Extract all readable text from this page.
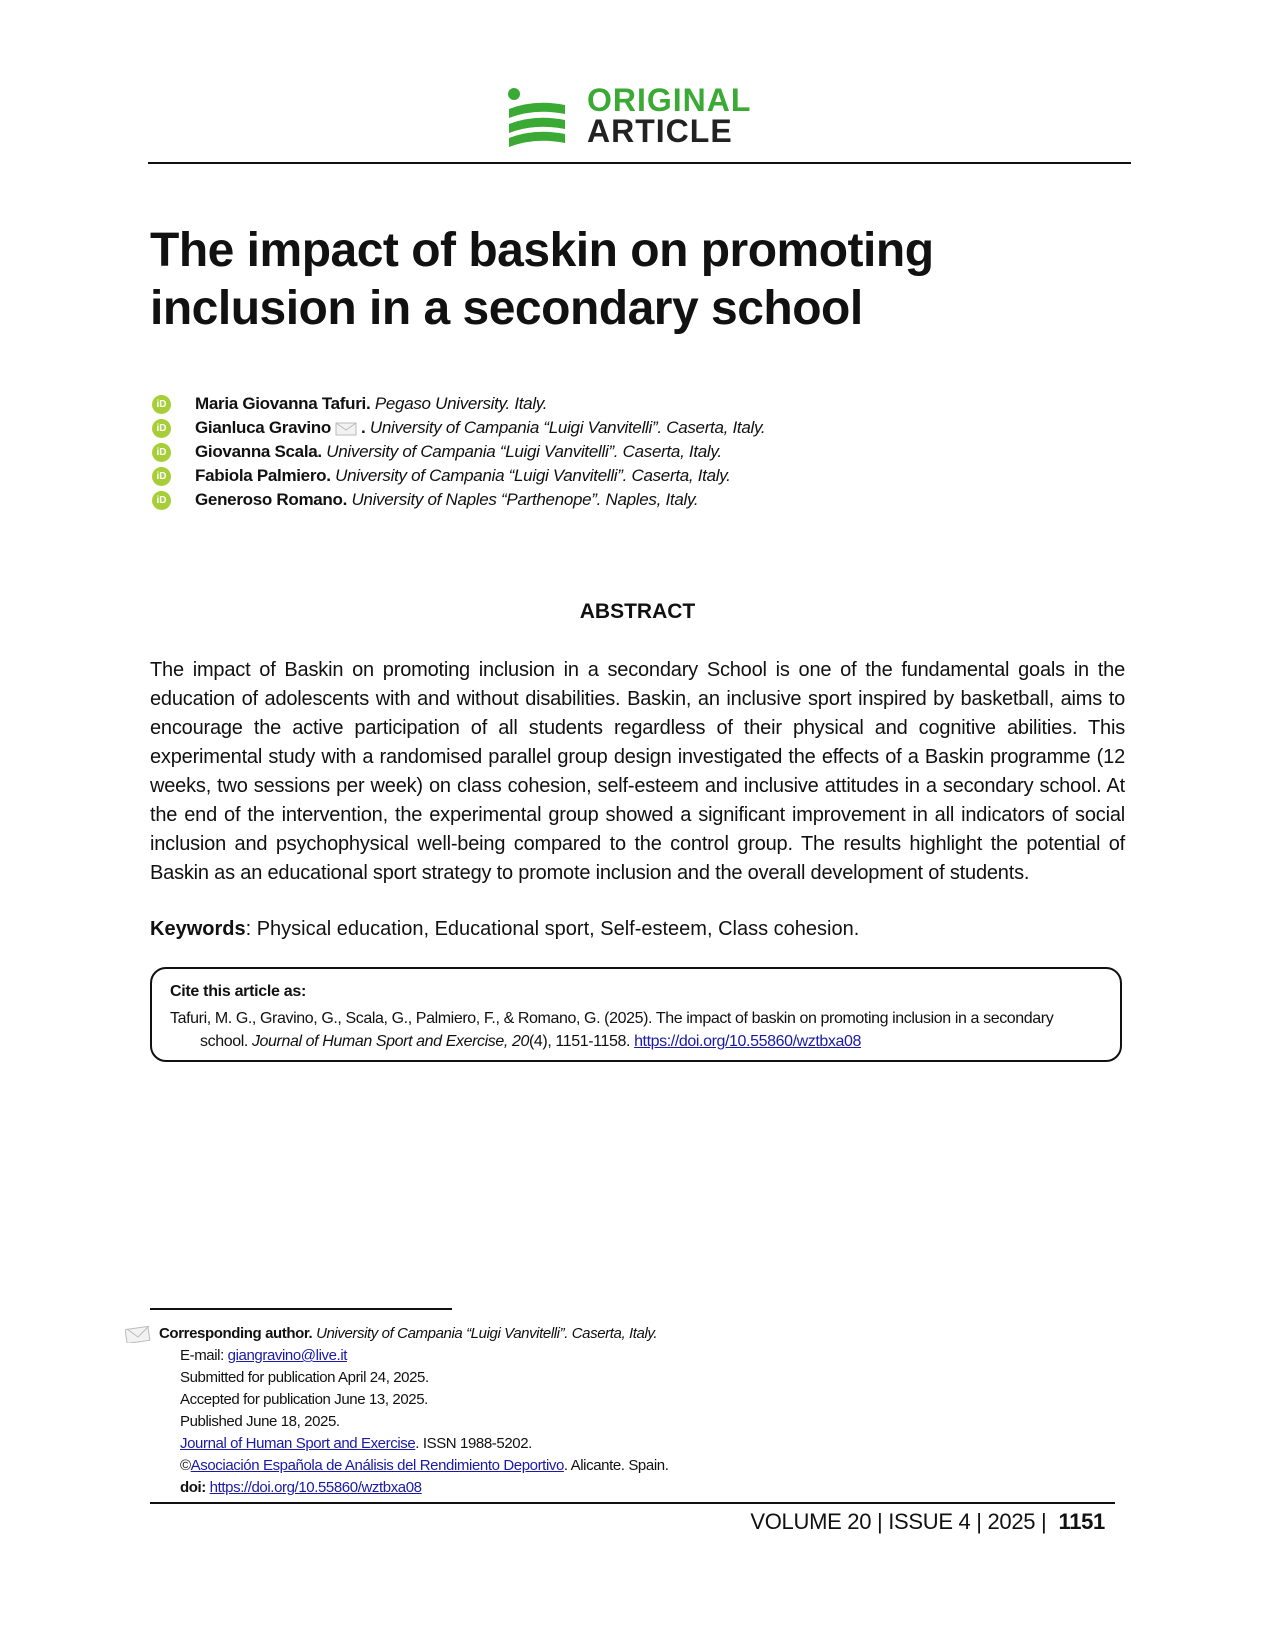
ORIGINAL
ARTICLE
The impact of baskin on promoting inclusion in a secondary school
iD Maria Giovanna Tafuri. Pegaso University. Italy.
iD Gianluca Gravino . University of Campania “Luigi Vanvitelli”. Caserta, Italy.
iD Giovanna Scala. University of Campania “Luigi Vanvitelli”. Caserta, Italy.
iD Fabiola Palmiero. University of Campania “Luigi Vanvitelli”. Caserta, Italy.
iD Generoso Romano. University of Naples “Parthenope”. Naples, Italy.
ABSTRACT

The impact of Baskin on promoting inclusion in a secondary School is one of the fundamental goals in the education of adolescents with and without disabilities. Baskin, an inclusive sport inspired by basketball, aims to encourage the active participation of all students regardless of their physical and cognitive abilities. This experimental study with a randomised parallel group design investigated the effects of a Baskin programme (12 weeks, two sessions per week) on class cohesion, self-esteem and inclusive attitudes in a secondary school. At the end of the intervention, the experimental group showed a significant improvement in all indicators of social inclusion and psychophysical well-being compared to the control group. The results highlight the potential of Baskin as an educational sport strategy to promote inclusion and the overall development of students.

Keywords: Physical education, Educational sport, Self-esteem, Class cohesion.

Cite this article as:
Tafuri, M. G., Gravino, G., Scala, G., Palmiero, F., & Romano, G. (2025). The impact of baskin on promoting inclusion in a secondary
school. Journal of Human Sport and Exercise, 20(4), 1151-1158. https://doi.org/10.55860/wztbxa08
Corresponding author. University of Campania “Luigi Vanvitelli”. Caserta, Italy.
E-mail: giangravino@live.it
Submitted for publication April 24, 2025.
Accepted for publication June 13, 2025.
Published June 18, 2025.
Journal of Human Sport and Exercise. ISSN 1988-5202.
©Asociación Española de Análisis del Rendimiento Deportivo. Alicante. Spain.
doi: https://doi.org/10.55860/wztbxa08
VOLUME 20 | ISSUE 4 | 2025 | 1151
